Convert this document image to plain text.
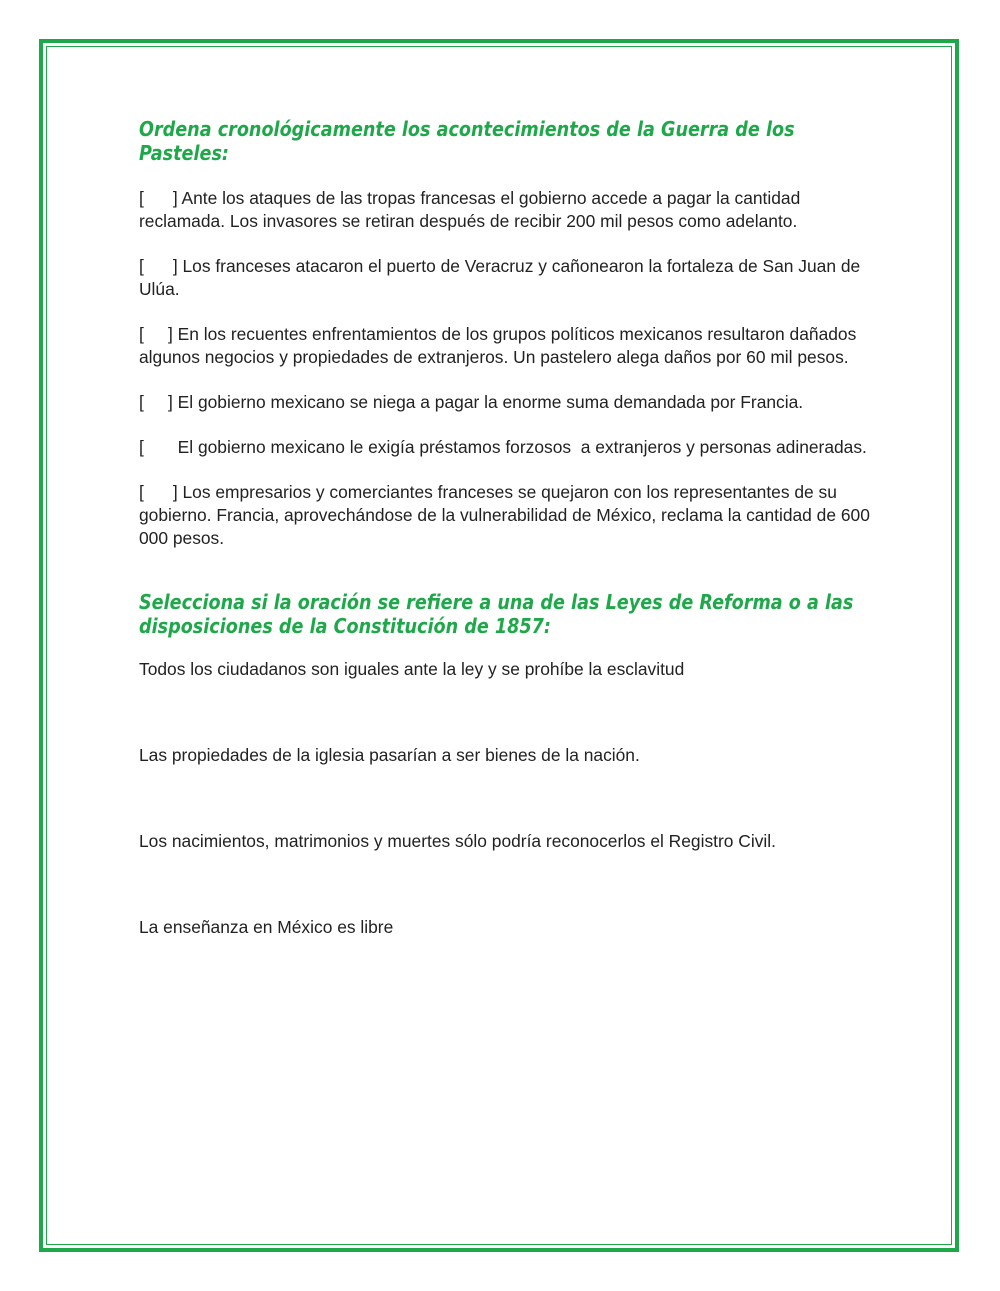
Ordena cronológicamente los acontecimientos de la Guerra de los Pasteles:

[      ] Ante los ataques de las tropas francesas el gobierno accede a pagar la cantidad reclamada. Los invasores se retiran después de recibir 200 mil pesos como adelanto.

[      ] Los franceses atacaron el puerto de Veracruz y cañonearon la fortaleza de San Juan de Ulúa.

[     ] En los recuentes enfrentamientos de los grupos políticos mexicanos resultaron dañados algunos negocios y propiedades de extranjeros. Un pastelero alega daños por 60 mil pesos.

[     ] El gobierno mexicano se niega a pagar la enorme suma demandada por Francia.

[       El gobierno mexicano le exigía préstamos forzosos  a extranjeros y personas adineradas.

[      ] Los empresarios y comerciantes franceses se quejaron con los representantes de su gobierno. Francia, aprovechándose de la vulnerabilidad de México, reclama la cantidad de 600 000 pesos.

Selecciona si la oración se refiere a una de las Leyes de Reforma o a las disposiciones de la Constitución de 1857:

Todos los ciudadanos son iguales ante la ley y se prohíbe la esclavitud

Las propiedades de la iglesia pasarían a ser bienes de la nación.

Los nacimientos, matrimonios y muertes sólo podría reconocerlos el Registro Civil.

La enseñanza en México es libre
